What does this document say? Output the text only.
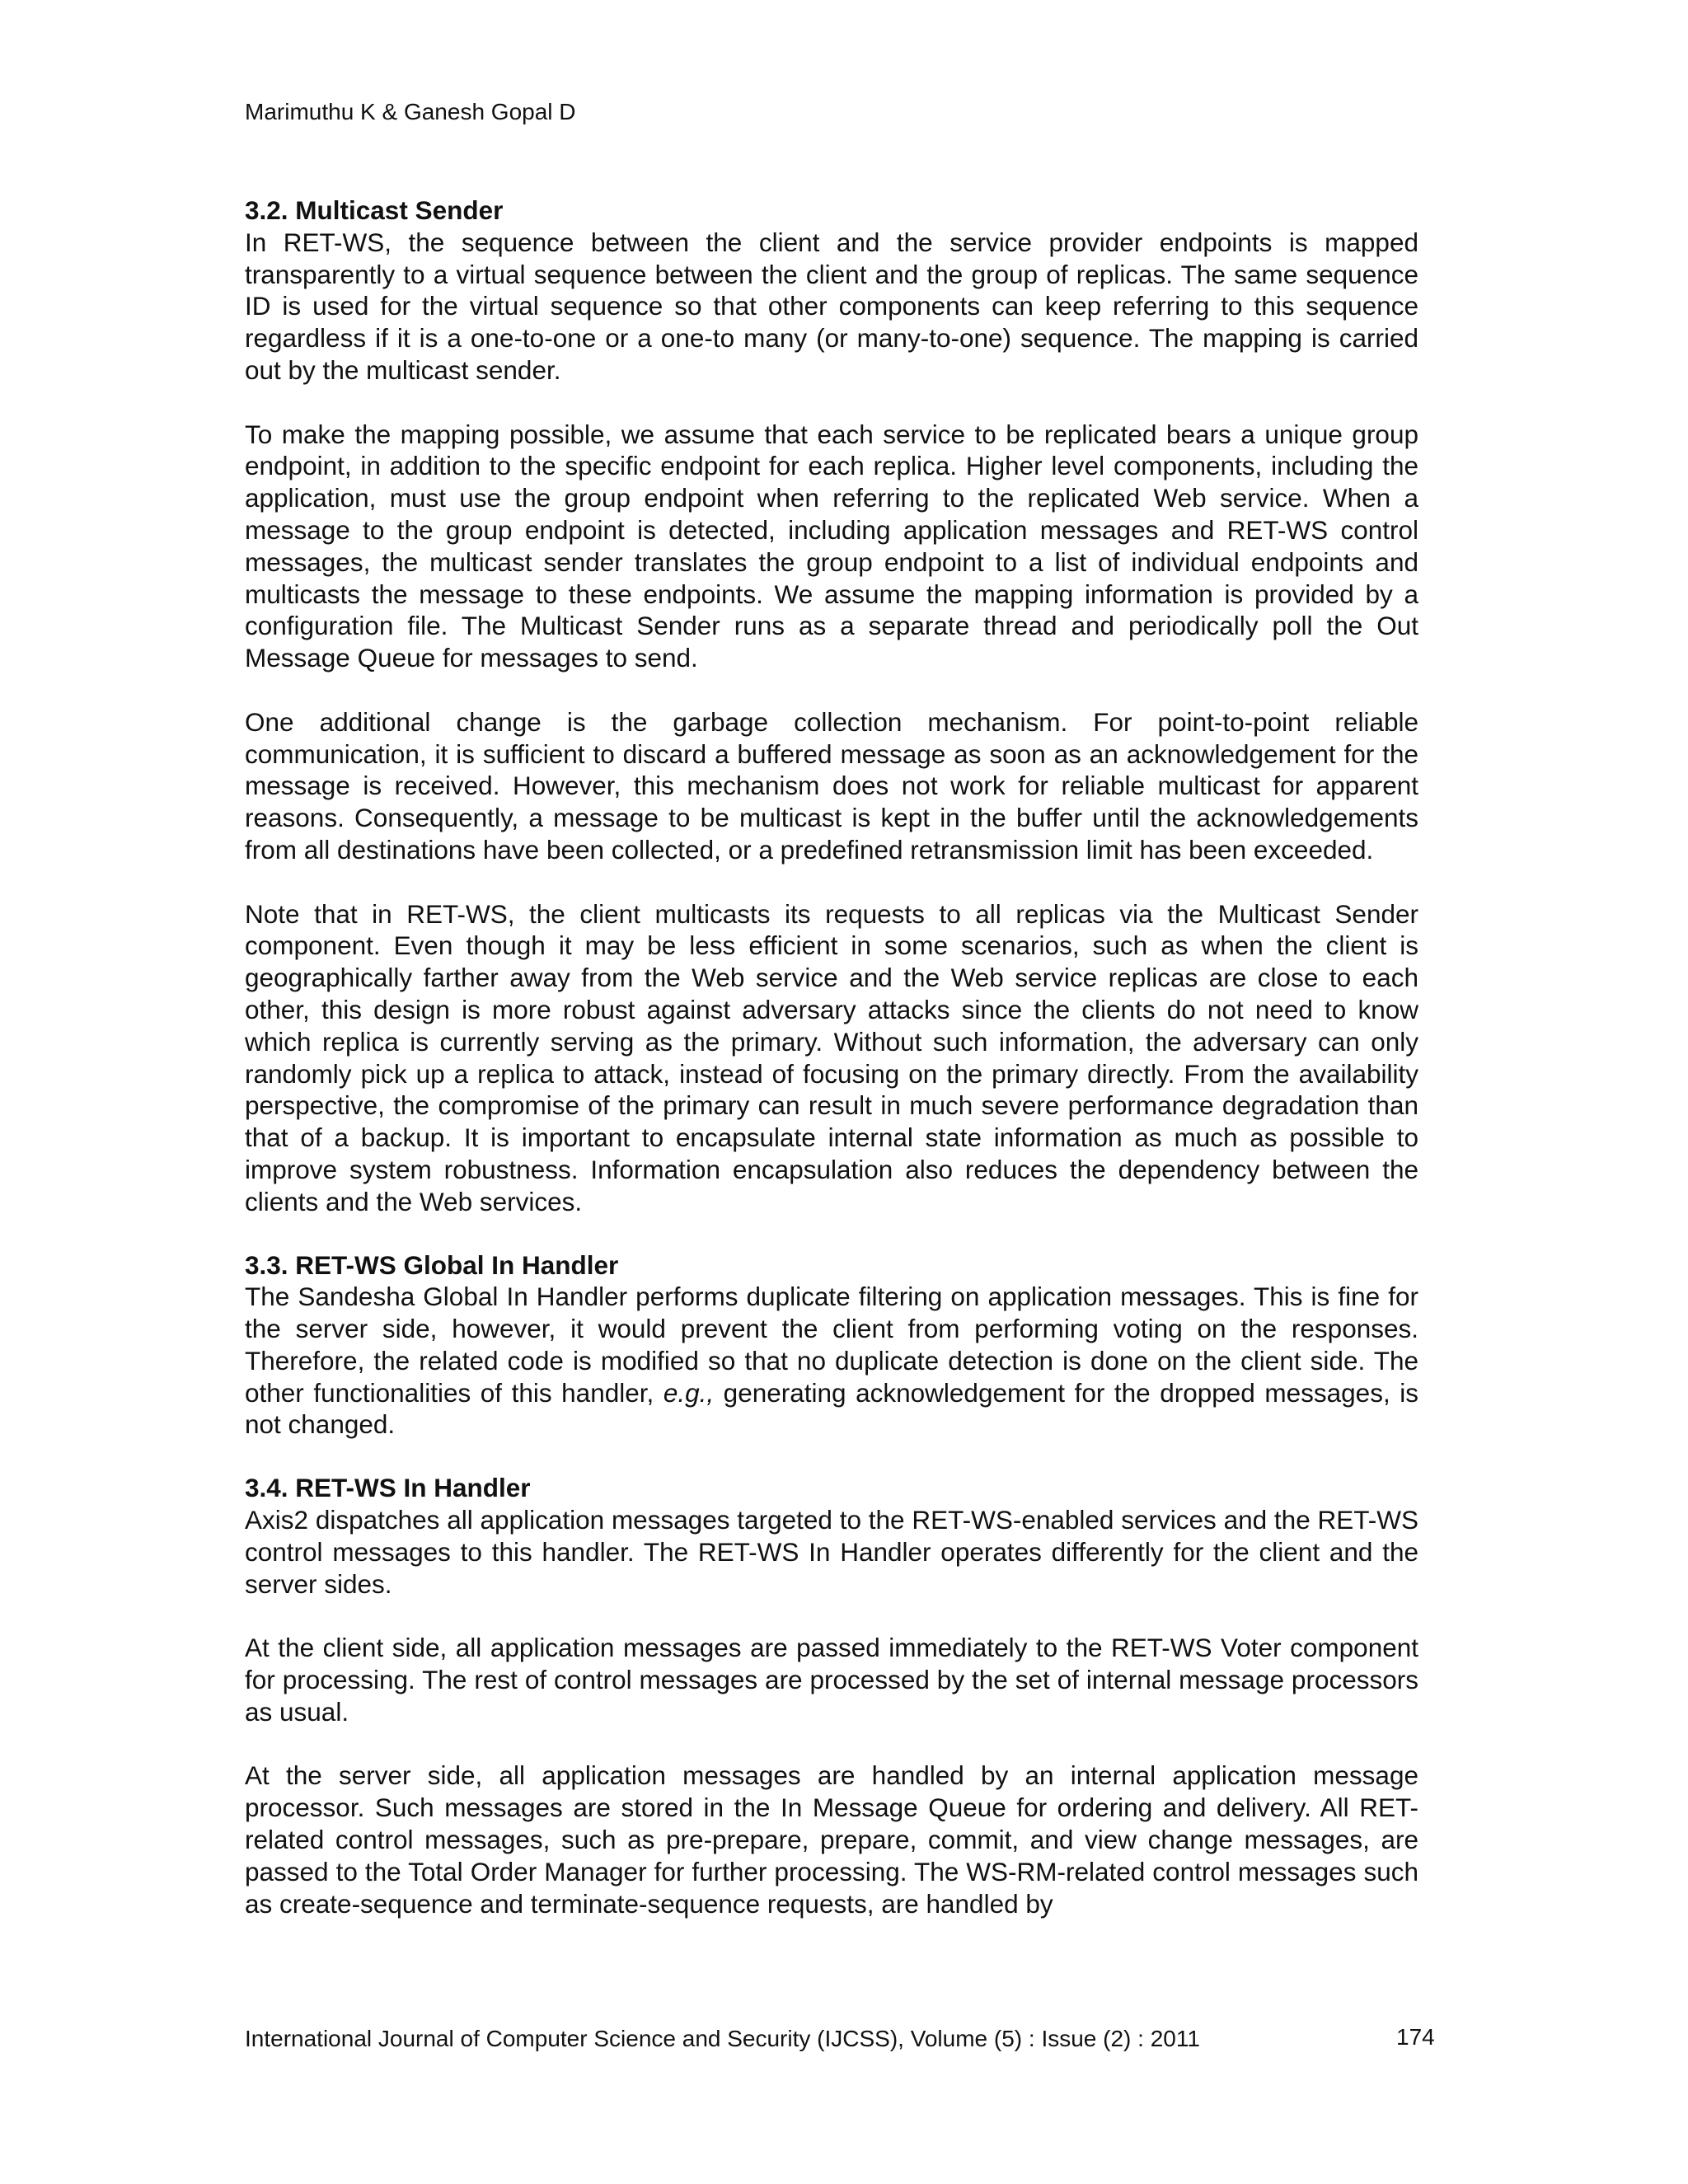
Marimuthu K & Ganesh Gopal D
3.2. Multicast Sender

In RET-WS, the sequence between the client and the service provider endpoints is mapped transparently to a virtual sequence between the client and the group of replicas. The same sequence ID is used for the virtual sequence so that other components can keep referring to this sequence regardless if it is a one-to-one or a one-to many (or many-to-one) sequence. The mapping is carried out by the multicast sender.

To make the mapping possible, we assume that each service to be replicated bears a unique group endpoint, in addition to the specific endpoint for each replica. Higher level components, including the application, must use the group endpoint when referring to the replicated Web service. When a message to the group endpoint is detected, including application messages and RET-WS control messages, the multicast sender translates the group endpoint to a list of individual endpoints and multicasts the message to these endpoints. We assume the mapping information is provided by a configuration file. The Multicast Sender runs as a separate thread and periodically poll the Out Message Queue for messages to send.

One additional change is the garbage collection mechanism. For point-to-point reliable communication, it is sufficient to discard a buffered message as soon as an acknowledgement for the message is received. However, this mechanism does not work for reliable multicast for apparent reasons. Consequently, a message to be multicast is kept in the buffer until the acknowledgements from all destinations have been collected, or a predefined retransmission limit has been exceeded.

Note that in RET-WS, the client multicasts its requests to all replicas via the Multicast Sender component. Even though it may be less efficient in some scenarios, such as when the client is geographically farther away from the Web service and the Web service replicas are close to each other, this design is more robust against adversary attacks since the clients do not need to know which replica is currently serving as the primary. Without such information, the adversary can only randomly pick up a replica to attack, instead of focusing on the primary directly. From the availability perspective, the compromise of the primary can result in much severe performance degradation than that of a backup. It is important to encapsulate internal state information as much as possible to improve system robustness. Information encapsulation also reduces the dependency between the clients and the Web services.

3.3. RET-WS Global In Handler

The Sandesha Global In Handler performs duplicate filtering on application messages. This is fine for the server side, however, it would prevent the client from performing voting on the responses. Therefore, the related code is modified so that no duplicate detection is done on the client side. The other functionalities of this handler, e.g., generating acknowledgement for the dropped messages, is not changed.

3.4. RET-WS In Handler

Axis2 dispatches all application messages targeted to the RET-WS-enabled services and the RET-WS control messages to this handler. The RET-WS In Handler operates differently for the client and the server sides.

At the client side, all application messages are passed immediately to the RET-WS Voter component for processing. The rest of control messages are processed by the set of internal message processors as usual.

At the server side, all application messages are handled by an internal application message processor. Such messages are stored in the In Message Queue for ordering and delivery. All RET-related control messages, such as pre-prepare, prepare, commit, and view change messages, are passed to the Total Order Manager for further processing. The WS-RM-related control messages such as create-sequence and terminate-sequence requests, are handled by

International Journal of Computer Science and Security (IJCSS), Volume (5) : Issue (2) : 2011	174
